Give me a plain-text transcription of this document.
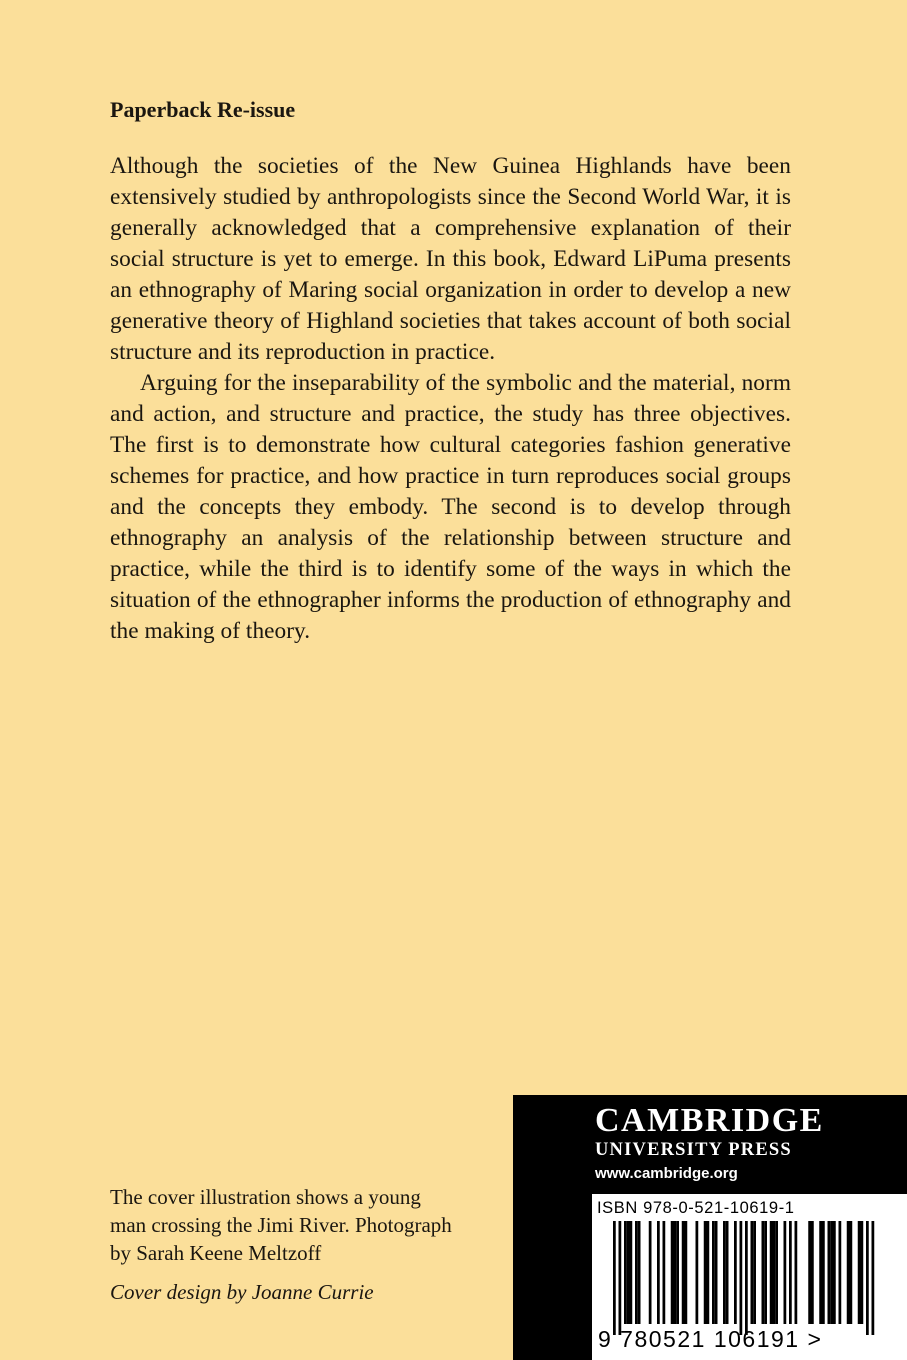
Paperback Re-issue

Although the societies of the New Guinea Highlands have been extensively studied by anthropologists since the Second World War, it is generally acknowledged that a comprehensive explanation of their social structure is yet to emerge. In this book, Edward LiPuma presents an ethnography of Maring social organization in order to develop a new generative theory of Highland societies that takes account of both social structure and its reproduction in practice.

Arguing for the inseparability of the symbolic and the material, norm and action, and structure and practice, the study has three objectives. The first is to demonstrate how cultural categories fashion generative schemes for practice, and how practice in turn reproduces social groups and the concepts they embody. The second is to develop through ethnography an analysis of the relationship between structure and practice, while the third is to identify some of the ways in which the situation of the ethnographer informs the production of ethnography and the making of theory.

The cover illustration shows a young

man crossing the Jimi River. Photograph

by Sarah Keene Meltzoff

Cover design by Joanne Currie
CAMBRIDGE
UNIVERSITY PRESS
www.cambridge.org
ISBN 978-0-521-10619-1
9 780521 106191 >
